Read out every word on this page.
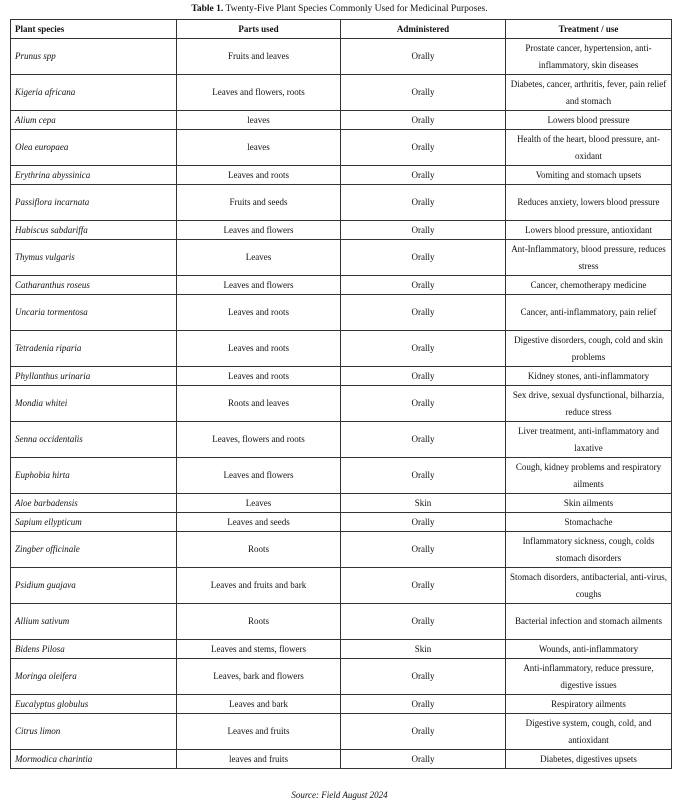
Table 1. Twenty-Five Plant Species Commonly Used for Medicinal Purposes.
Plant species	Parts used	Administered	Treatment / use
Prunus spp	Fruits and leaves	Orally	Prostate cancer, hypertension, anti-inflammatory, skin diseases
Kigeria africana	Leaves and flowers, roots	Orally	Diabetes, cancer, arthritis, fever, pain relief and stomach
Alium cepa	leaves	Orally	Lowers blood pressure
Olea europaea	leaves	Orally	Health of the heart, blood pressure, ant-oxidant
Erythrina abyssinica	Leaves and roots	Orally	Vomiting and stomach upsets
Passiflora incarnata	Fruits and seeds	Orally	Reduces anxiety, lowers blood pressure
Habiscus sabdariffa	Leaves and flowers	Orally	Lowers blood pressure, antioxidant
Thymus vulgaris	Leaves	Orally	Ant-Inflammatory, blood pressure, reduces stress
Catharanthus roseus	Leaves and flowers	Orally	Cancer, chemotherapy medicine
Uncaria tormentosa	Leaves and roots	Orally	Cancer, anti-inflammatory, pain relief
Tetradenia riparia	Leaves and roots	Orally	Digestive disorders, cough, cold and skin problems
Phyllanthus urinaria	Leaves and roots	Orally	Kidney stones, anti-inflammatory
Mondia whitei	Roots and leaves	Orally	Sex drive, sexual dysfunctional, bilharzia, reduce stress
Senna occidentalis	Leaves, flowers and roots	Orally	Liver treatment, anti-inflammatory and laxative
Euphobia hirta	Leaves and flowers	Orally	Cough, kidney problems and respiratory ailments
Aloe barbadensis	Leaves	Skin	Skin ailments
Sapium ellypticum	Leaves and seeds	Orally	Stomachache
Zingber officinale	Roots	Orally	Inflammatory sickness, cough, colds stomach disorders
Psidium guajava	Leaves and fruits and bark	Orally	Stomach disorders, antibacterial, anti-virus, coughs
Allium sativum	Roots	Orally	Bacterial infection and stomach ailments
Bidens Pilosa	Leaves and stems, flowers	Skin	Wounds, anti-inflammatory
Moringa oleifera	Leaves, bark and flowers	Orally	Anti-inflammatory, reduce pressure, digestive issues
Eucalyptus globulus	Leaves and bark	Orally	Respiratory ailments
Citrus limon	Leaves and fruits	Orally	Digestive system, cough, cold, and antioxidant
Mormodica charintia	leaves and fruits	Orally	Diabetes, digestives upsets
Source: Field August 2024
